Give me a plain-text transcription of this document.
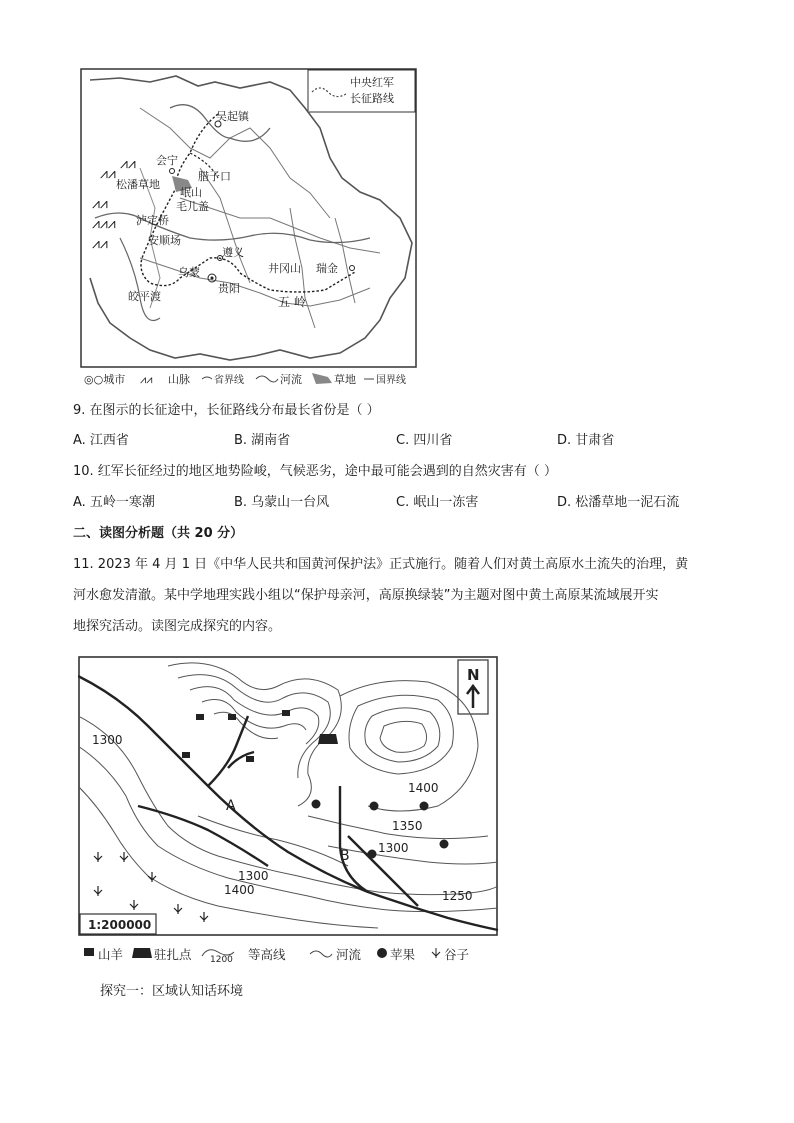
⩘⩘
⩘⩘⩘
⩘⩘
⩘⩘
⩘⩘
吴起镇
会宁
松潘草地
腊子口
毛儿盖
岷山
泸定桥
安顺场
遵义
乌蒙
贵阳
皎平渡
井冈山 瑞金
五 岭
中央红军
长征路线
◎○城市 ⩘⩘ 山脉 省界线	河流	草地 国界线
9. 在图示的长征途中，长征路线分布最长省份是（ ）
A. 江西省	B. 湖南省	C. 四川省	D. 甘肃省
10. 红军长征经过的地区地势险峻，气候恶劣，途中最可能会遇到的自然灾害有（ ）
A. 五岭一寒潮	B. 乌蒙山一台风	C. 岷山一冻害	D. 松潘草地一泥石流
二、读图分析题（共 20 分）
11. 2023 年 4 月 1 日《中华人民共和国黄河保护法》正式施行。随着人们对黄土高原水土流失的治理，黄
河水愈发清澈。某中学地理实践小组以“保护母亲河，高原换绿装”为主题对图中黄土高原某流域展开实
地探究活动。读图完成探究的内容。
N
A
B
1300
1400
1350
1300
1300
1400	1250
1:200000
山羊 驻扎点 1200 等高线	河流 苹果 谷子
探究一：区域认知话环境
